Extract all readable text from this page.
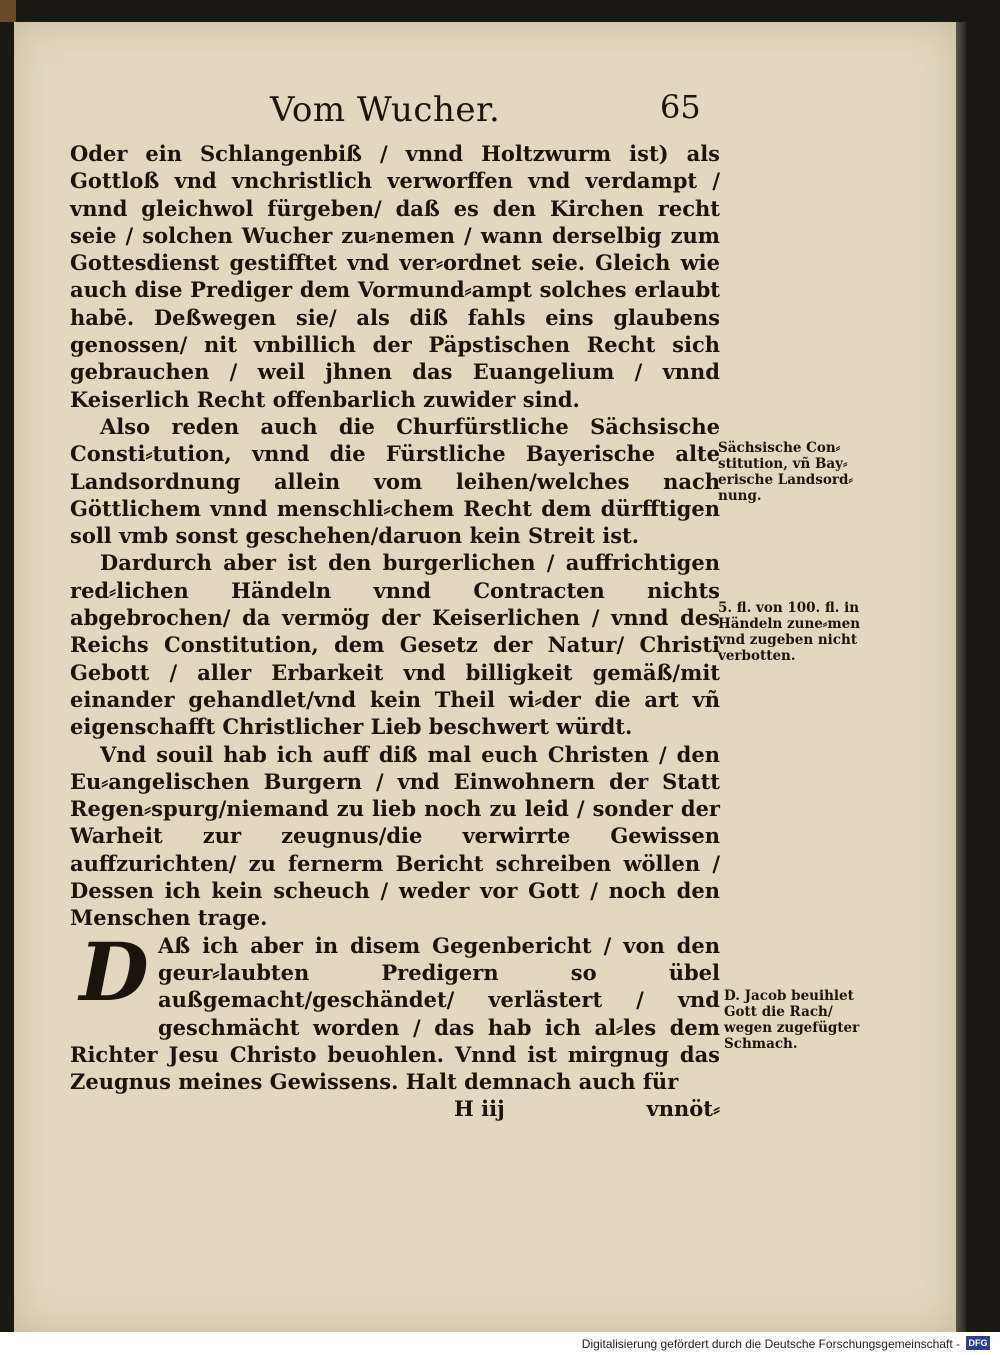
Vom Wucher.	65

Oder ein Schlangenbiß / vnnd Holtzwurm ist) als Gottloß vnd vnchristlich verworffen vnd verdampt / vnnd gleichwol fürgeben/ daß es den Kirchen recht seie / solchen Wucher zu⸗nemen / wann derselbig zum Gottesdienst gestifftet vnd ver⸗ordnet seie. Gleich wie auch dise Prediger dem Vormund⸗ampt solches erlaubt habē. Deßwegen sie/ als diß fahls eins glaubens genossen/ nit vnbillich der Päpstischen Recht sich gebrauchen / weil jhnen das Euangelium / vnnd Keiserlich Recht offenbarlich zuwider sind.

Also reden auch die Churfürstliche Sächsische Consti⸗tution, vnnd die Fürstliche Bayerische alte Landsordnung allein vom leihen/welches nach Göttlichem vnnd menschli⸗chem Recht dem dürfftigen soll vmb sonst geschehen/daruon kein Streit ist.

Dardurch aber ist den burgerlichen / auffrichtigen red⸗lichen Händeln vnnd Contracten nichts abgebrochen/ da vermög der Keiserlichen / vnnd des Reichs Constitution, dem Gesetz der Natur/ Christi Gebott / aller Erbarkeit vnd billigkeit gemäß/mit einander gehandlet/vnd kein Theil wi⸗der die art vñ eigenschafft Christlicher Lieb beschwert würdt.

Vnd souil hab ich auff diß mal euch Christen / den Eu⸗angelischen Burgern / vnd Einwohnern der Statt Regen⸗spurg/niemand zu lieb noch zu leid / sonder der Warheit zur zeugnus/die verwirrte Gewissen auffzurichten/ zu fernerm Bericht schreiben wöllen / Dessen ich kein scheuch / weder vor Gott / noch den Menschen trage.

D Aß ich aber in disem Gegenbericht / von den geur⸗laubten Predigern so übel außgemacht/geschändet/ verlästert / vnd geschmächt worden / das hab ich al⸗les dem Richter Jesu Christo beuohlen. Vnnd ist mirgnug das Zeugnus meines Gewissens. Halt demnach auch für

H iij	vnnöt⸗

Sächsische Con⸗stitution, vñ Bay⸗erische Landsord⸗nung.
5. fl. von 100. fl. in Händeln zune⸗men vnd zugeben nicht verbotten.
D. Jacob beuihlet Gott die Rach/ wegen zugefügter Schmach.
Digitalisierung gefördert durch die Deutsche Forschungsgemeinschaft - DFG
